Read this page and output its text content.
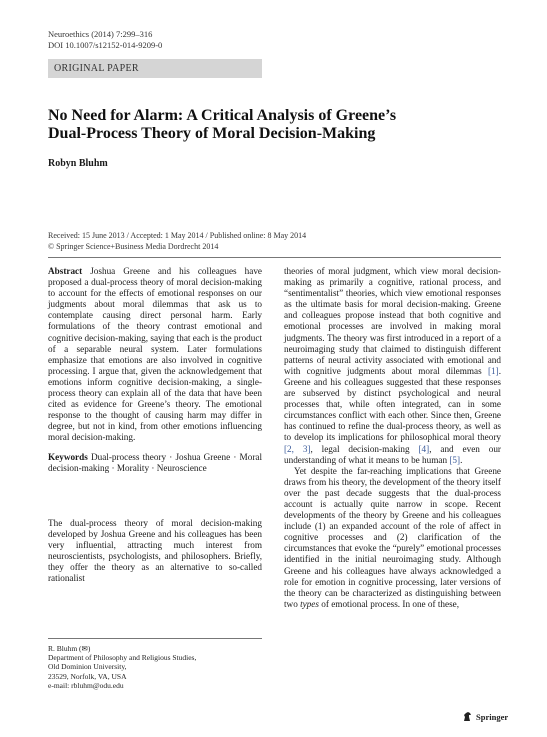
Neuroethics (2014) 7:299–316
DOI 10.1007/s12152-014-9209-0
ORIGINAL PAPER
No Need for Alarm: A Critical Analysis of Greene’s
Dual-Process Theory of Moral Decision-Making
Robyn Bluhm
Received: 15 June 2013 / Accepted: 1 May 2014 / Published online: 8 May 2014
© Springer Science+Business Media Dordrecht 2014

Abstract Joshua Greene and his colleagues have proposed a dual-process theory of moral decision-making to account for the effects of emotional responses on our judgments about moral dilemmas that ask us to contemplate causing direct personal harm. Early formulations of the theory contrast emotional and cognitive decision-making, saying that each is the product of a separable neural system. Later formulations emphasize that emotions are also involved in cognitive processing. I argue that, given the acknowledgement that emotions inform cognitive decision-making, a single-process theory can explain all of the data that have been cited as evidence for Greene’s theory. The emotional response to the thought of causing harm may differ in degree, but not in kind, from other emotions influencing moral decision-making.

Keywords Dual-process theory · Joshua Greene · Moral decision-making · Morality · Neuroscience

The dual-process theory of moral decision-making developed by Joshua Greene and his colleagues has been very influential, attracting much interest from neuroscientists, psychologists, and philosophers. Briefly, they offer the theory as an alternative to so-called rationalist

R. Bluhm (✉)
Department of Philosophy and Religious Studies,
Old Dominion University,
23529, Norfolk, VA, USA
e-mail: rbluhm@odu.edu

theories of moral judgment, which view moral decision-making as primarily a cognitive, rational process, and “sentimentalist” theories, which view emotional responses as the ultimate basis for moral decision-making. Greene and colleagues propose instead that both cognitive and emotional processes are involved in making moral judgments. The theory was first introduced in a report of a neuroimaging study that claimed to distinguish different patterns of neural activity associated with emotional and with cognitive judgments about moral dilemmas [1]. Greene and his colleagues suggested that these responses are subserved by distinct psychological and neural processes that, while often integrated, can in some circumstances conflict with each other. Since then, Greene has continued to refine the dual-process theory, as well as to develop its implications for philosophical moral theory [2, 3], legal decision-making [4], and even our understanding of what it means to be human [5].

Yet despite the far-reaching implications that Greene draws from his theory, the development of the theory itself over the past decade suggests that the dual-process account is actually quite narrow in scope. Recent developments of the theory by Greene and his colleagues include (1) an expanded account of the role of affect in cognitive processes and (2) clarification of the circumstances that evoke the “purely” emotional processes identified in the initial neuroimaging study. Although Greene and his colleagues have always acknowledged a role for emotion in cognitive processing, later versions of the theory can be characterized as distinguishing between two types of emotional process. In one of these,

Springer
